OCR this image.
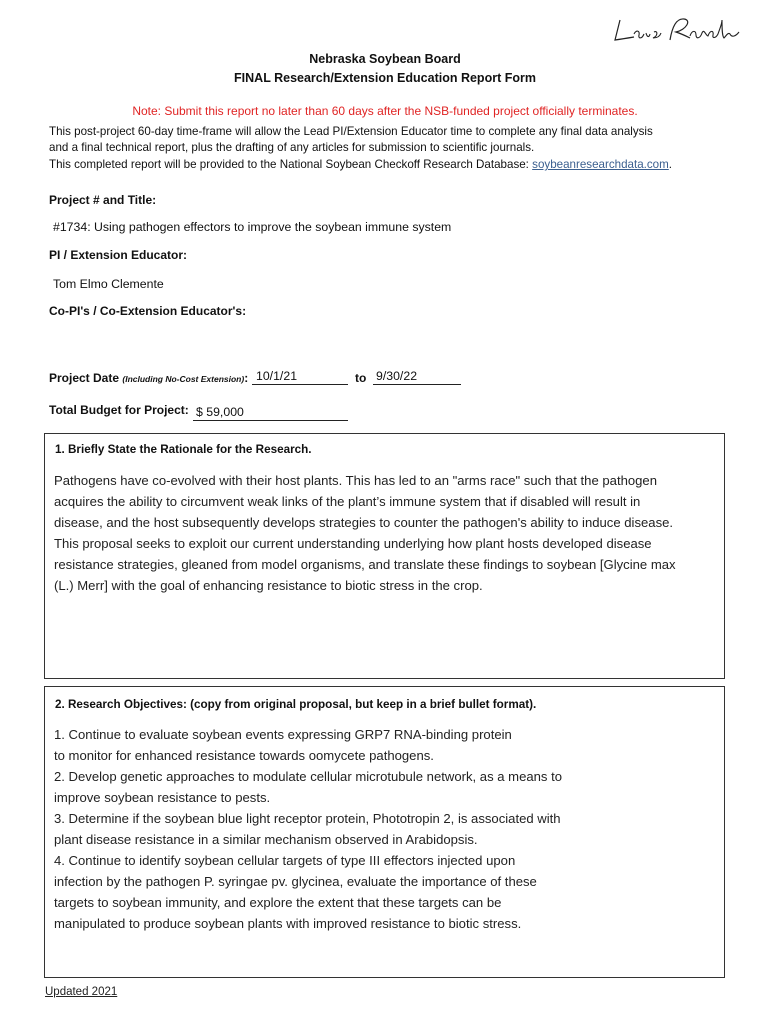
Nebraska Soybean Board
FINAL Research/Extension Education Report Form
Note: Submit this report no later than 60 days after the NSB-funded project officially terminates.
This post-project 60-day time-frame will allow the Lead PI/Extension Educator time to complete any final data analysis
and a final technical report, plus the drafting of any articles for submission to scientific journals.
This completed report will be provided to the National Soybean Checkoff Research Database: soybeanresearchdata.com.
Project # and Title:
#1734: Using pathogen effectors to improve the soybean immune system
PI / Extension Educator:
Tom Elmo Clemente
Co-PI's / Co-Extension Educator's:
Project Date (Including No-Cost Extension): 10/1/21	to 9/30/22
Total Budget for Project: $ 59,000
1. Briefly State the Rationale for the Research.
Pathogens have co-evolved with their host plants. This has led to an "arms race" such that the pathogen
acquires the ability to circumvent weak links of the plant’s immune system that if disabled will result in
disease, and the host subsequently develops strategies to counter the pathogen's ability to induce disease.
This proposal seeks to exploit our current understanding underlying how plant hosts developed disease
resistance strategies, gleaned from model organisms, and translate these findings to soybean [Glycine max
(L.) Merr] with the goal of enhancing resistance to biotic stress in the crop.
2. Research Objectives: (copy from original proposal, but keep in a brief bullet format).
1. Continue to evaluate soybean events expressing GRP7 RNA-binding protein
to monitor for enhanced resistance towards oomycete pathogens.
2. Develop genetic approaches to modulate cellular microtubule network, as a means to
improve soybean resistance to pests.
3. Determine if the soybean blue light receptor protein, Phototropin 2, is associated with
plant disease resistance in a similar mechanism observed in Arabidopsis.
4. Continue to identify soybean cellular targets of type III effectors injected upon
infection by the pathogen P. syringae pv. glycinea, evaluate the importance of these
targets to soybean immunity, and explore the extent that these targets can be
manipulated to produce soybean plants with improved resistance to biotic stress.
Updated 2021
